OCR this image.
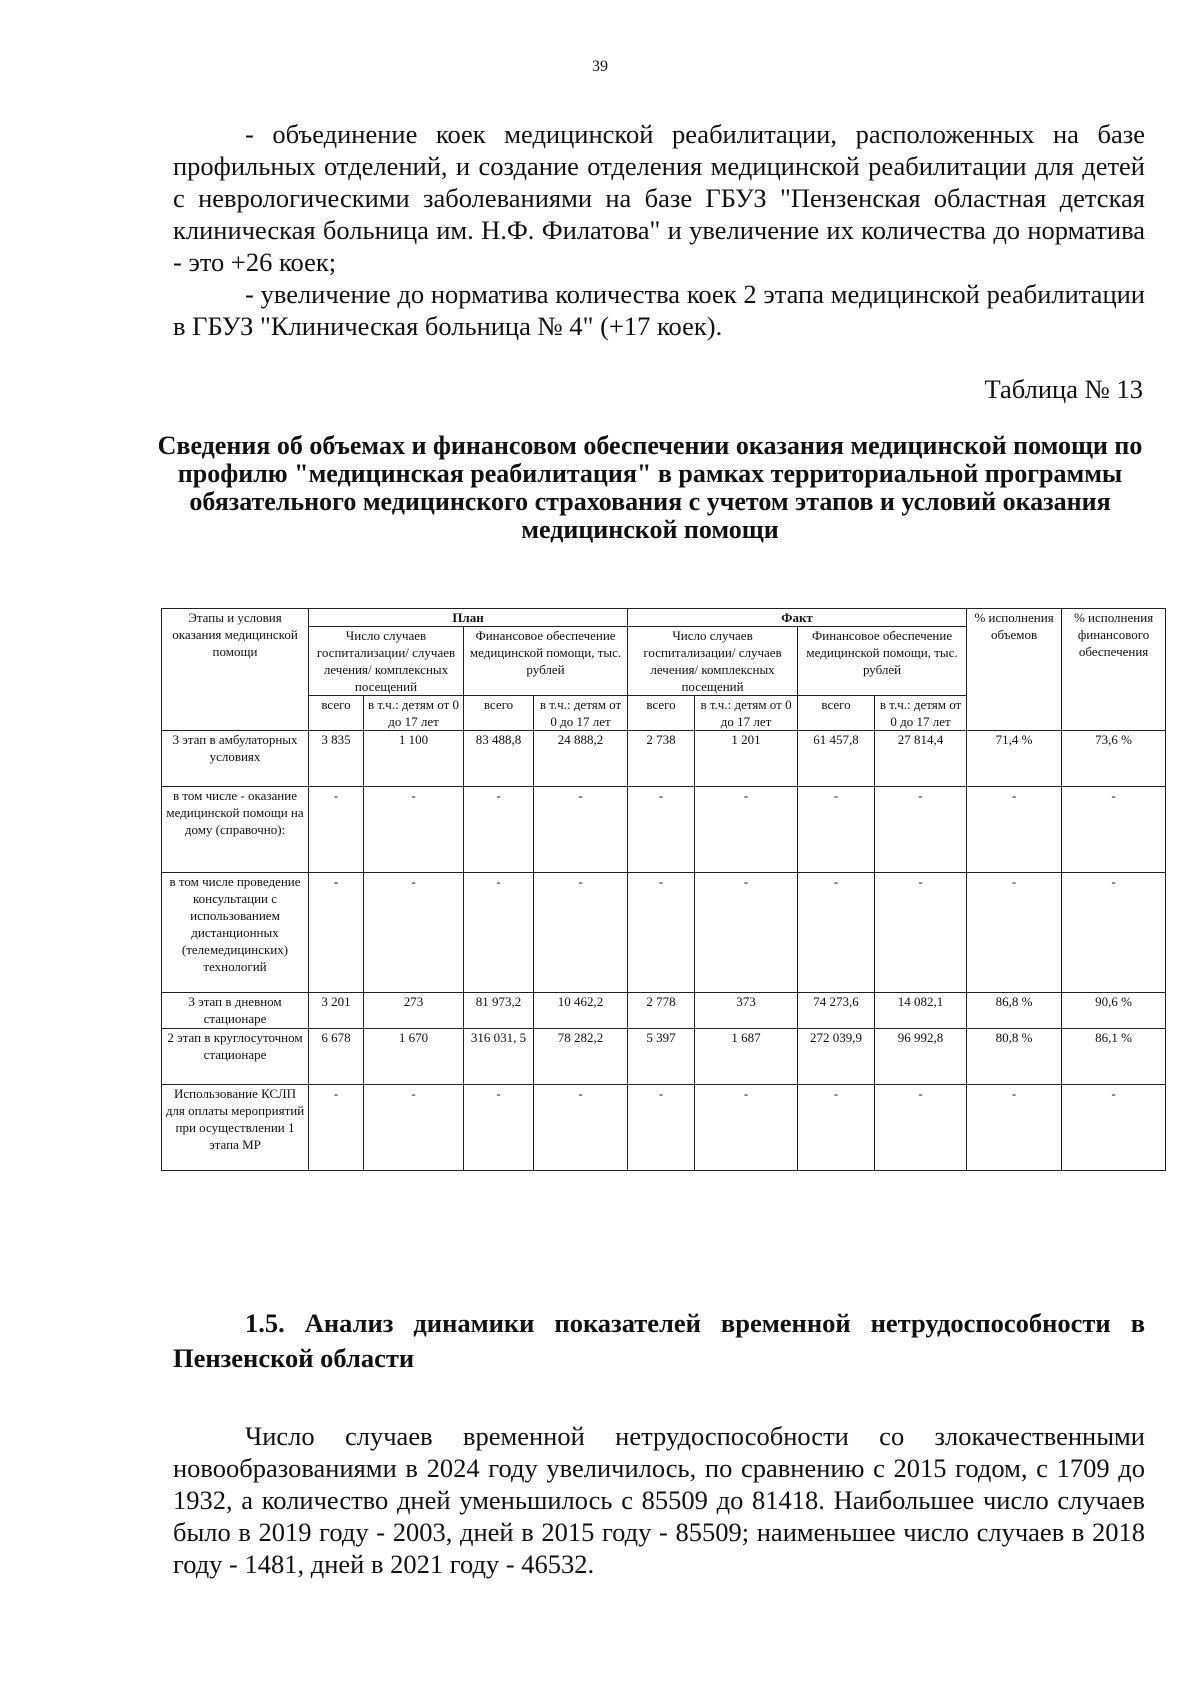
39

- объединение коек медицинской реабилитации, расположенных на базе профильных отделений, и создание отделения медицинской реабилитации для детей с неврологическими заболеваниями на базе ГБУЗ "Пензенская областная детская клиническая больница им. Н.Ф. Филатова" и увеличение их количества до норматива - это +26 коек;

- увеличение до норматива количества коек 2 этапа медицинской реабилитации в ГБУЗ "Клиническая больница № 4" (+17 коек).

Таблица № 13

Сведения об объемах и финансовом обеспечении оказания медицинской помощи по профилю "медицинская реабилитация" в рамках территориальной программы обязательного медицинского страхования с учетом этапов и условий оказания медицинской помощи

Этапы и условия оказания медицинской помощи	План				Факт				% исполнения объемов	% исполнения финансового обеспечения
	Число случаев госпитализации/ случаев лечения/ комплексных посещений		Финансовое обеспечение медицинской помощи, тыс. рублей		Число случаев госпитализации/ случаев лечения/ комплексных посещений		Финансовое обеспечение медицинской помощи, тыс. рублей			
	всего	в т.ч.: детям от 0 до 17 лет	всего	в т.ч.: детям от 0 до 17 лет	всего	в т.ч.: детям от 0 до 17 лет	всего	в т.ч.: детям от 0 до 17 лет		
3 этап в амбулаторных условиях	3 835	1 100	83 488,8	24 888,2	2 738	1 201	61 457,8	27 814,4	71,4 %	73,6 %
в том числе - оказание медицинской помощи на дому (справочно):	-	-	-	-	-	-	-	-	-	-
в том числе проведение консультации с использованием дистанционных (телемедицинских) технологий	-	-	-	-	-	-	-	-	-	-
3 этап в дневном стационаре	3 201	273	81 973,2	10 462,2	2 778	373	74 273,6	14 082,1	86,8 %	90,6 %
2 этап в круглосуточном стационаре	6 678	1 670	316 031, 5	78 282,2	5 397	1 687	272 039,9	96 992,8	80,8 %	86,1 %
Использование КСЛП для оплаты мероприятий при осуществлении 1 этапа МР	-	-	-	-	-	-	-	-	-	-

1.5. Анализ динамики показателей временной нетрудоспособности в Пензенской области

Число случаев временной нетрудоспособности со злокачественными новообразованиями в 2024 году увеличилось, по сравнению с 2015 годом, с 1709 до 1932, а количество дней уменьшилось с 85509 до 81418. Наибольшее число случаев было в 2019 году - 2003, дней в 2015 году - 85509; наименьшее число случаев в 2018 году - 1481, дней в 2021 году - 46532.
